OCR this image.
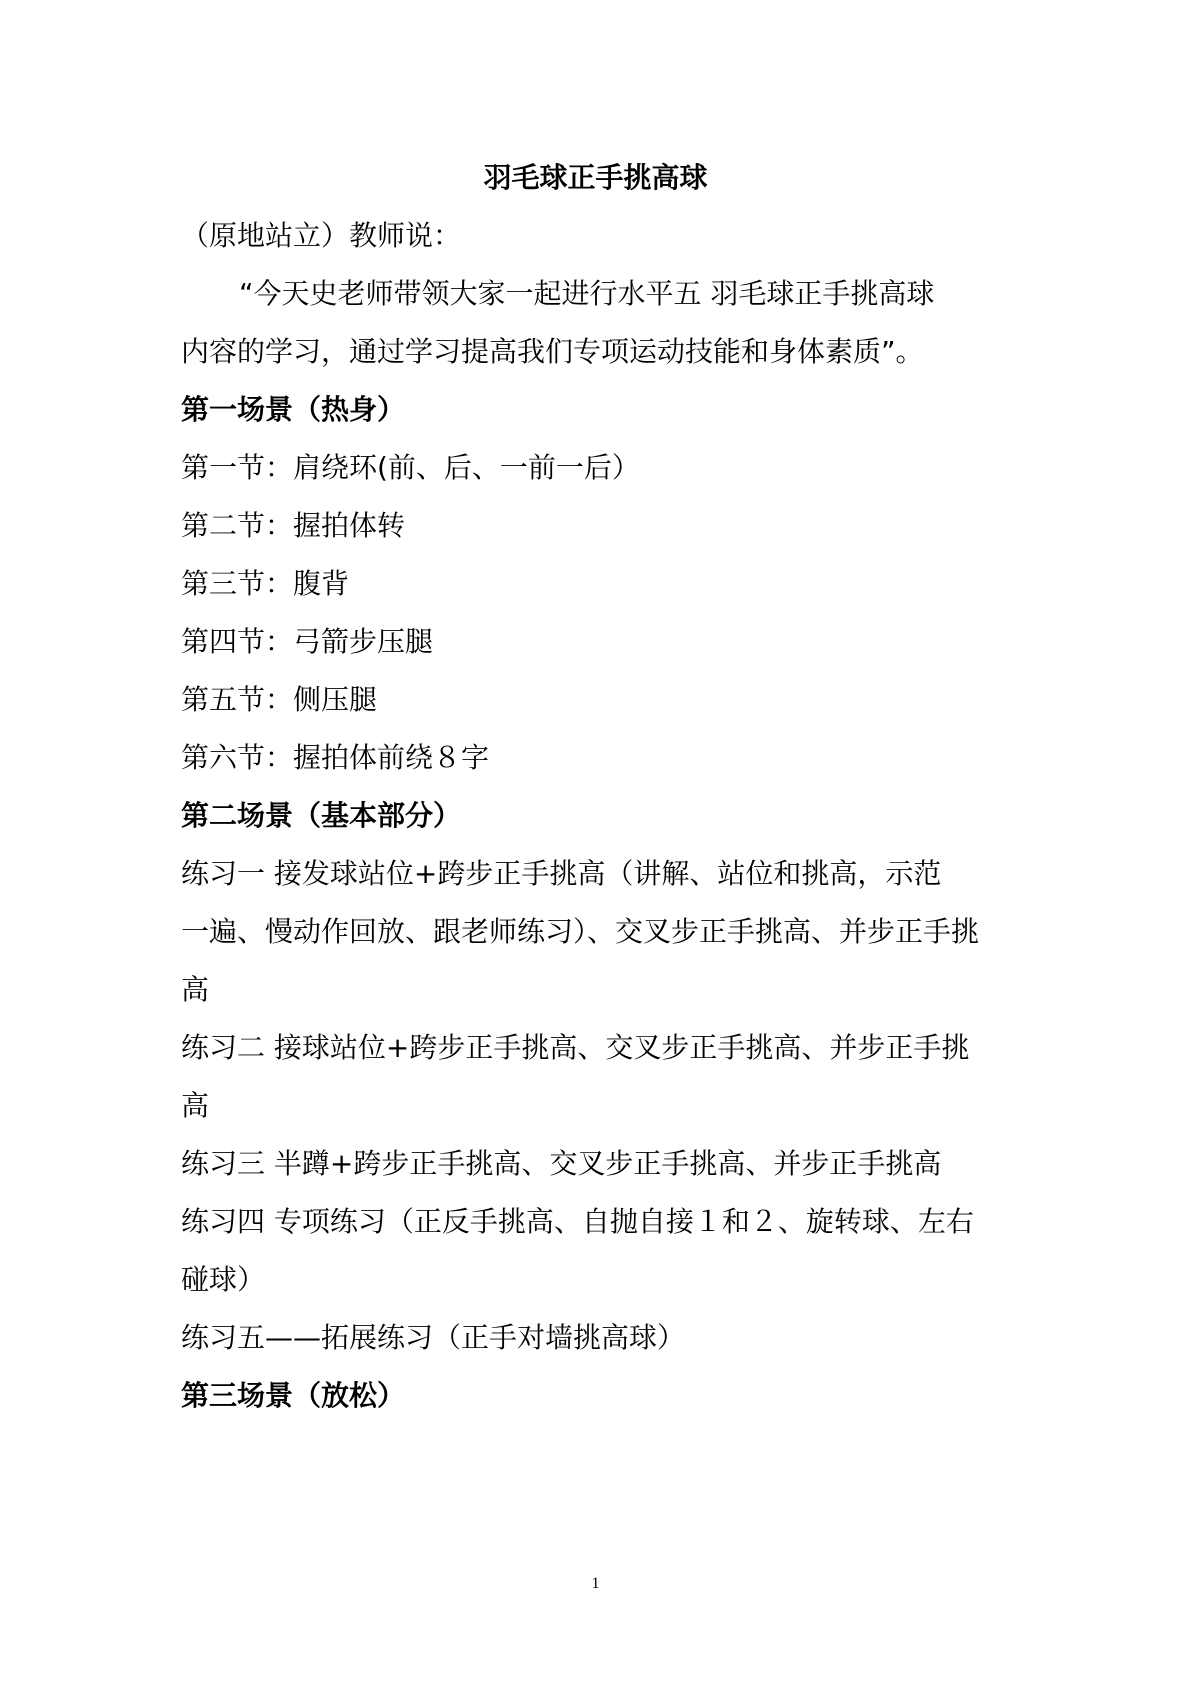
羽毛球正手挑高球
（原地站立）教师说：
“今天史老师带领大家一起进行水平五 羽毛球正手挑高球
内容的学习，通过学习提高我们专项运动技能和身体素质”。
第一场景（热身）
第一节：肩绕环(前、后、一前一后）
第二节：握拍体转
第三节：腹背
第四节：弓箭步压腿
第五节：侧压腿
第六节：握拍体前绕８字
第二场景（基本部分）
练习一 接发球站位+跨步正手挑高（讲解、站位和挑高，示范
一遍、慢动作回放、跟老师练习）、交叉步正手挑高、并步正手挑
高
练习二 接球站位+跨步正手挑高、交叉步正手挑高、并步正手挑
高
练习三 半蹲+跨步正手挑高、交叉步正手挑高、并步正手挑高
练习四 专项练习（正反手挑高、自抛自接１和２、旋转球、左右
碰球）
练习五——拓展练习（正手对墙挑高球）
第三场景（放松）
1
